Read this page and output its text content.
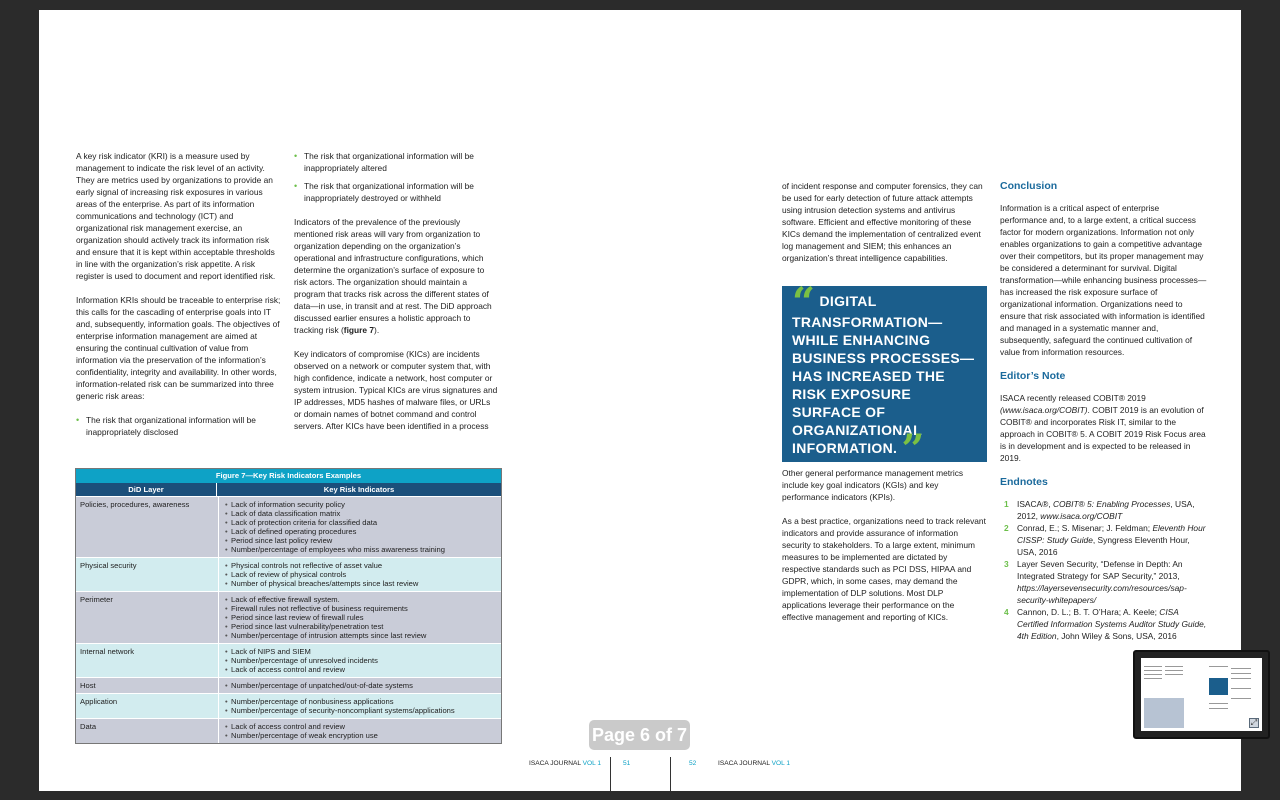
A key risk indicator (KRI) is a measure used by management to indicate the risk level of an activity. They are metrics used by organizations to provide an early signal of increasing risk exposures in various areas of the enterprise. As part of its information communications and technology (ICT) and organizational risk management exercise, an organization should actively track its information risk and ensure that it is kept within acceptable thresholds in line with the organization’s risk appetite. A risk register is used to document and report identified risk.

Information KRIs should be traceable to enterprise risk; this calls for the cascading of enterprise goals into IT and, subsequently, information goals. The objectives of enterprise information management are aimed at ensuring the continual cultivation of value from information via the preservation of the information’s confidentiality, integrity and availability. In other words, information-related risk can be summarized into three generic risk areas:

• The risk that organizational information will be inappropriately disclosed
• The risk that organizational information will be inappropriately altered
• The risk that organizational information will be inappropriately destroyed or withheld

Indicators of the prevalence of the previously mentioned risk areas will vary from organization to organization depending on the organization’s operational and infrastructure configurations, which determine the organization’s surface of exposure to risk actors. The organization should maintain a program that tracks risk across the different states of data—in use, in transit and at rest. The DiD approach discussed earlier ensures a holistic approach to tracking risk (figure 7).

Key indicators of compromise (KICs) are incidents observed on a network or computer system that, with high confidence, indicate a network, host computer or system intrusion. Typical KICs are virus signatures and IP addresses, MD5 hashes of malware files, or URLs or domain names of botnet command and control servers. After KICs have been identified in a process

Figure 7—Key Risk Indicators Examples
DiD Layer	Key Risk Indicators
Policies, procedures, awareness	• Lack of information security policy
• Lack of data classification matrix
• Lack of protection criteria for classified data
• Lack of defined operating procedures
• Period since last policy review
• Number/percentage of employees who miss awareness training
Physical security	• Physical controls not reflective of asset value
• Lack of review of physical controls
• Number of physical breaches/attempts since last review
Perimeter	• Lack of effective firewall system.
• Firewall rules not reflective of business requirements
• Period since last review of firewall rules
• Period since last vulnerability/penetration test
• Number/percentage of intrusion attempts since last review
Internal network	• Lack of NIPS and SIEM
• Number/percentage of unresolved incidents
• Lack of access control and review
Host	• Number/percentage of unpatched/out-of-date systems
Application	• Number/percentage of nonbusiness applications
• Number/percentage of security-noncompliant systems/applications
Data	• Lack of access control and review
• Number/percentage of weak encryption use
ISACA JOURNAL VOL 1	51

of incident response and computer forensics, they can be used for early detection of future attack attempts using intrusion detection systems and antivirus software. Efficient and effective monitoring of these KICs demand the implementation of centralized event log management and SIEM; this enhances an organization’s threat intelligence capabilities.

“ DIGITAL TRANSFORMATION—WHILE ENHANCING BUSINESS PROCESSES—HAS INCREASED THE RISK EXPOSURE SURFACE OF ORGANIZATIONAL INFORMATION. ”

Other general performance management metrics include key goal indicators (KGIs) and key performance indicators (KPIs).

As a best practice, organizations need to track relevant indicators and provide assurance of information security to stakeholders. To a large extent, minimum measures to be implemented are dictated by respective standards such as PCI DSS, HIPAA and GDPR, which, in some cases, may demand the implementation of DLP solutions. Most DLP applications leverage their performance on the effective management and reporting of KICs.

Conclusion

Information is a critical aspect of enterprise performance and, to a large extent, a critical success factor for modern organizations. Information not only enables organizations to gain a competitive advantage over their competitors, but its proper management may be considered a determinant for survival. Digital transformation—while enhancing business processes—has increased the risk exposure surface of organizational information. Organizations need to ensure that risk associated with information is identified and managed in a systematic manner and, subsequently, safeguard the continued cultivation of value from information resources.

Editor’s Note

ISACA recently released COBIT® 2019 (www.isaca.org/COBIT). COBIT 2019 is an evolution of COBIT® and incorporates Risk IT, similar to the approach in COBIT® 5. A COBIT 2019 Risk Focus area is in development and is expected to be released in 2019.

Endnotes
1 ISACA®, COBIT® 5: Enabling Processes, USA, 2012, www.isaca.org/COBIT
2 Conrad, E.; S. Misenar; J. Feldman; Eleventh Hour CISSP: Study Guide, Syngress Eleventh Hour, USA, 2016
3 Layer Seven Security, “Defense in Depth: An Integrated Strategy for SAP Security,” 2013, https://layersevensecurity.com/resources/sap-security-whitepapers/
4 Cannon, D. L.; B. T. O’Hara; A. Keele; CISA Certified Information Systems Auditor Study Guide, 4th Edition, John Wiley & Sons, USA, 2016
52	ISACA JOURNAL VOL 1
Page 6 of 7
⤢
